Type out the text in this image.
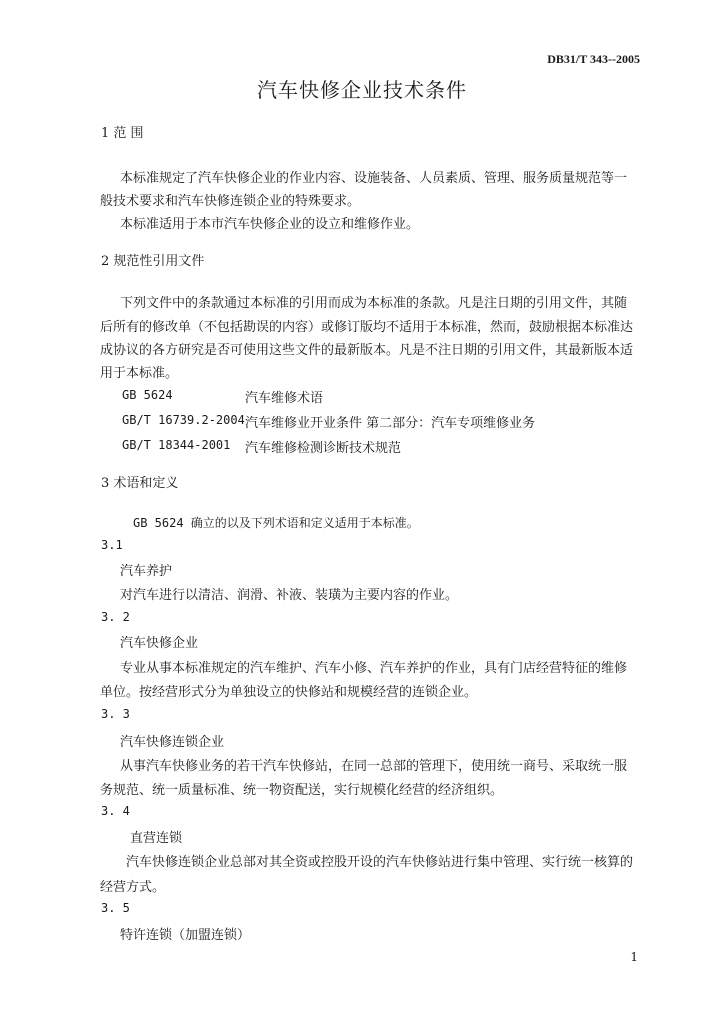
DB31/T 343--2005
汽车快修企业技术条件
1 范 围
本标准规定了汽车快修企业的作业内容、设施装备、人员素质、管理、服务质量规范等一
般技术要求和汽车快修连锁企业的特殊要求。
本标准适用于本市汽车快修企业的设立和维修作业。
2 规范性引用文件
下列文件中的条款通过本标准的引用而成为本标准的条款。凡是注日期的引用文件，其随
后所有的修改单（不包括勘误的内容）或修订版均不适用于本标准，然而，鼓励根据本标准达
成协议的各方研究是否可使用这些文件的最新版本。凡是不注日期的引用文件，其最新版本适
用于本标准。
GB 5624	汽车维修术语
GB/T 16739.2-2004 汽车维修业开业条件 第二部分：汽车专项维修业务
GB/T 18344-2001 汽车维修检测诊断技术规范
3 术语和定义
GB 5624 确立的以及下列术语和定义适用于本标准。
3.1
汽车养护
对汽车进行以清洁、润滑、补液、装璜为主要内容的作业。
3. 2
汽车快修企业
专业从事本标准规定的汽车维护、汽车小修、汽车养护的作业，具有门店经营特征的维修
单位。按经营形式分为单独设立的快修站和规模经营的连锁企业。
3. 3
汽车快修连锁企业
从事汽车快修业务的若干汽车快修站，在同一总部的管理下，使用统一商号、采取统一服
务规范、统一质量标准、统一物资配送，实行规模化经营的经济组织。
3. 4
直营连锁
汽车快修连锁企业总部对其全资或控股开设的汽车快修站进行集中管理、实行统一核算的
经营方式。
3. 5
特许连锁（加盟连锁）
1
